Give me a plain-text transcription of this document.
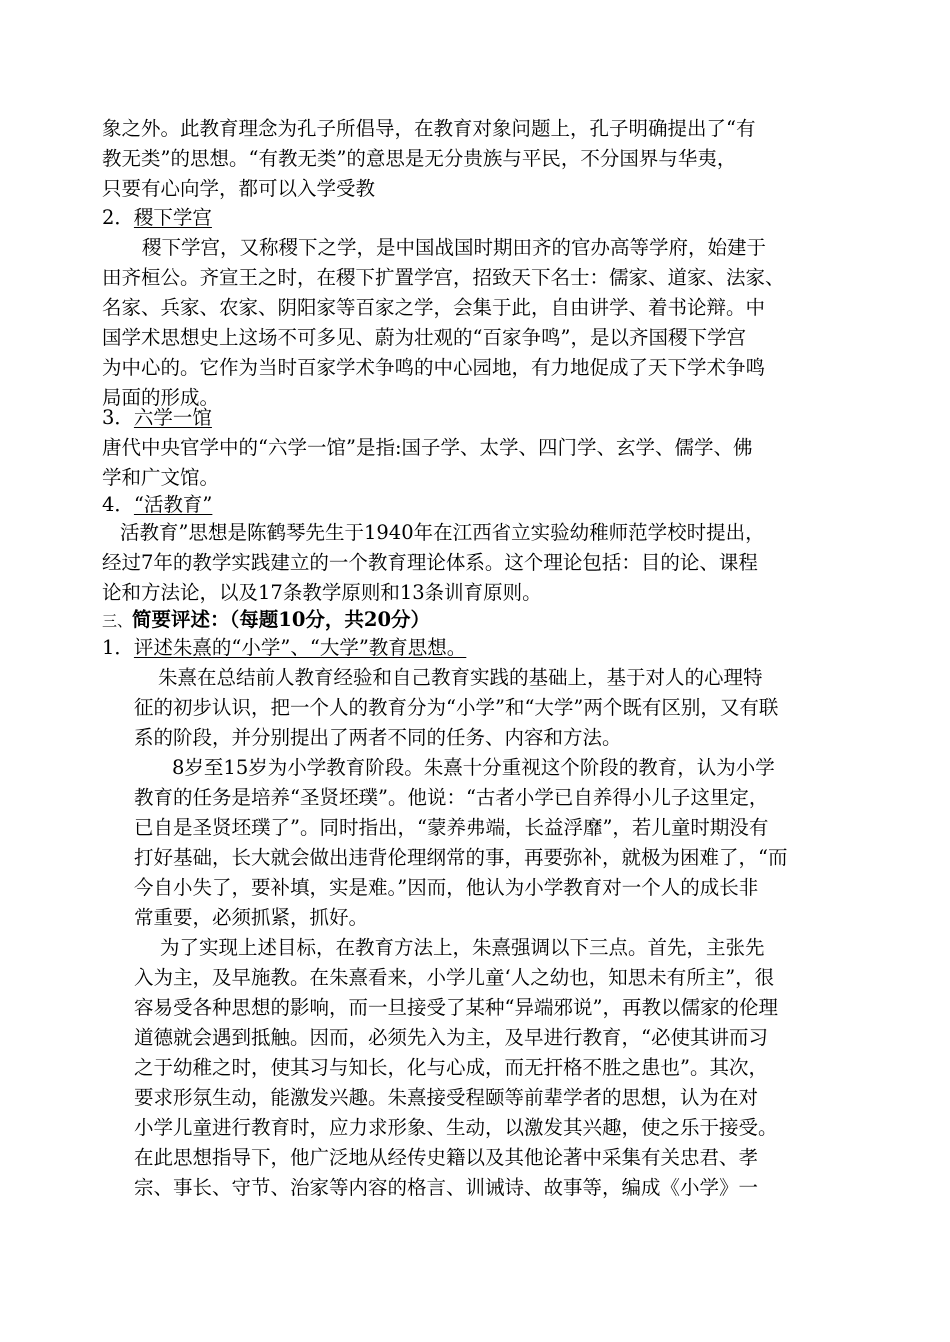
象之外。此教育理念为孔子所倡导，在教育对象问题上，孔子明确提出了“有
教无类”的思想。“有教无类”的意思是无分贵族与平民，不分国界与华夷，
只要有心向学，都可以入学受教
2．稷下学宫
稷下学宫，又称稷下之学，是中国战国时期田齐的官办高等学府，始建于
田齐桓公。齐宣王之时，在稷下扩置学宫，招致天下名士：儒家、道家、法家、
名家、兵家、农家、阴阳家等百家之学，会集于此，自由讲学、着书论辩。中
国学术思想史上这场不可多见、蔚为壮观的“百家争鸣”，是以齐国稷下学宫
为中心的。它作为当时百家学术争鸣的中心园地，有力地促成了天下学术争鸣
局面的形成。
3．六学一馆
唐代中央官学中的“六学一馆”是指:国子学、太学、四门学、玄学、儒学、佛
学和广文馆。
4．“活教育”
活教育”思想是陈鹤琴先生于1940年在江西省立实验幼稚师范学校时提出，
经过7年的教学实践建立的一个教育理论体系。这个理论包括：目的论、课程
论和方法论，以及17条教学原则和13条训育原则。
三、简要评述：（每题10分，共20分）
1．评述朱熹的“小学”、“大学”教育思想。
朱熹在总结前人教育经验和自己教育实践的基础上，基于对人的心理特
征的初步认识，把一个人的教育分为“小学”和“大学”两个既有区别，又有联
系的阶段，并分别提出了两者不同的任务、内容和方法。
8岁至15岁为小学教育阶段。朱熹十分重视这个阶段的教育，认为小学
教育的任务是培养“圣贤坯璞”。他说：“古者小学已自养得小儿子这里定，
已自是圣贤坯璞了”。同时指出，“蒙养弗端，长益浮靡”，若儿童时期没有
打好基础，长大就会做出违背伦理纲常的事，再要弥补，就极为困难了，“而
今自小失了，要补填，实是难。”因而，他认为小学教育对一个人的成长非
常重要，必须抓紧，抓好。
为了实现上述目标，在教育方法上，朱熹强调以下三点。首先，主张先
入为主，及早施教。在朱熹看来，小学儿童‘人之幼也，知思未有所主”，很
容易受各种思想的影响，而一旦接受了某种“异端邪说”，再教以儒家的伦理
道德就会遇到抵触。因而，必须先入为主，及早进行教育，“必使其讲而习
之于幼稚之时，使其习与知长，化与心成，而无扞格不胜之患也”。其次，
要求形氛生动，能激发兴趣。朱熹接受程颐等前辈学者的思想，认为在对
小学儿童进行教育时，应力求形象、生动，以激发其兴趣，使之乐于接受。
在此思想指导下，他广泛地从经传史籍以及其他论著中采集有关忠君、孝
宗、事长、守节、治家等内容的格言、训诫诗、故事等，编成《小学》一
